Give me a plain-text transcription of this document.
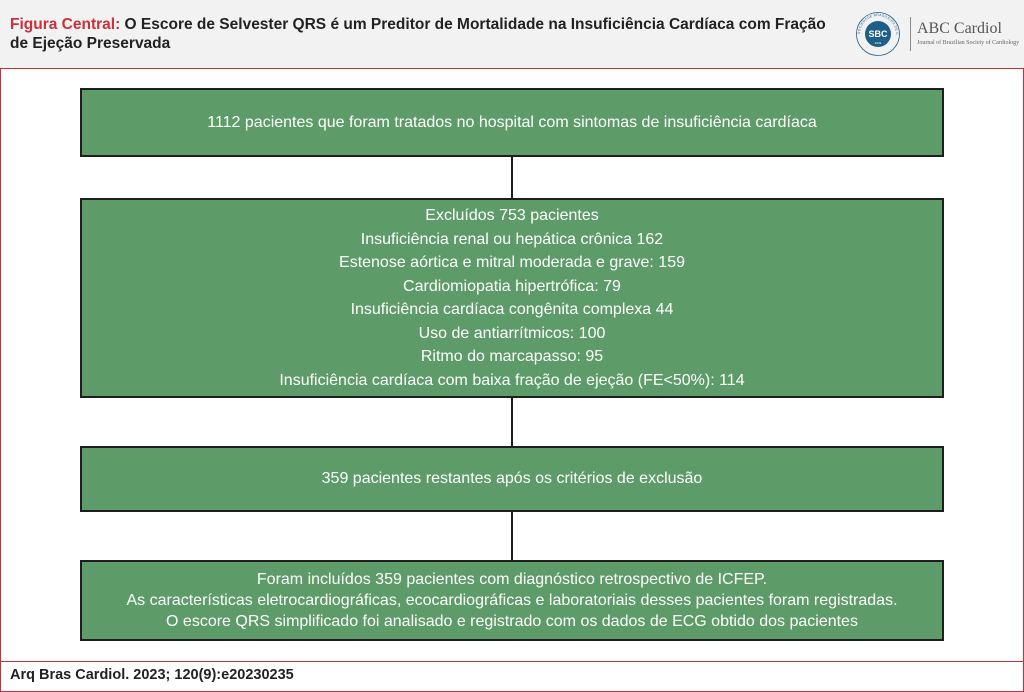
Figura Central: O Escore de Selvester QRS é um Preditor de Mortalidade na Insuficiência Cardíaca com Fração de Ejeção Preservada
SBC
1943
SOCIEDADE BRASILEIRA DE C ABC Cardiol
Journal of Brazilian Society of Cardiology
1112 pacientes que foram tratados no hospital com sintomas de insuficiência cardíaca
Excluídos 753 pacientes
Insuficiência renal ou hepática crônica 162
Estenose aórtica e mitral moderada e grave: 159
Cardiomiopatia hipertrófica: 79
Insuficiência cardíaca congênita complexa 44
Uso de antiarrítmicos: 100
Ritmo do marcapasso: 95
Insuficiência cardíaca com baixa fração de ejeção (FE<50%): 114
359 pacientes restantes após os critérios de exclusão
Foram incluídos 359 pacientes com diagnóstico retrospectivo de ICFEP.
As características eletrocardiográficas, ecocardiográficas e laboratoriais desses pacientes foram registradas.
O escore QRS simplificado foi analisado e registrado com os dados de ECG obtido dos pacientes
Arq Bras Cardiol. 2023; 120(9):e20230235
